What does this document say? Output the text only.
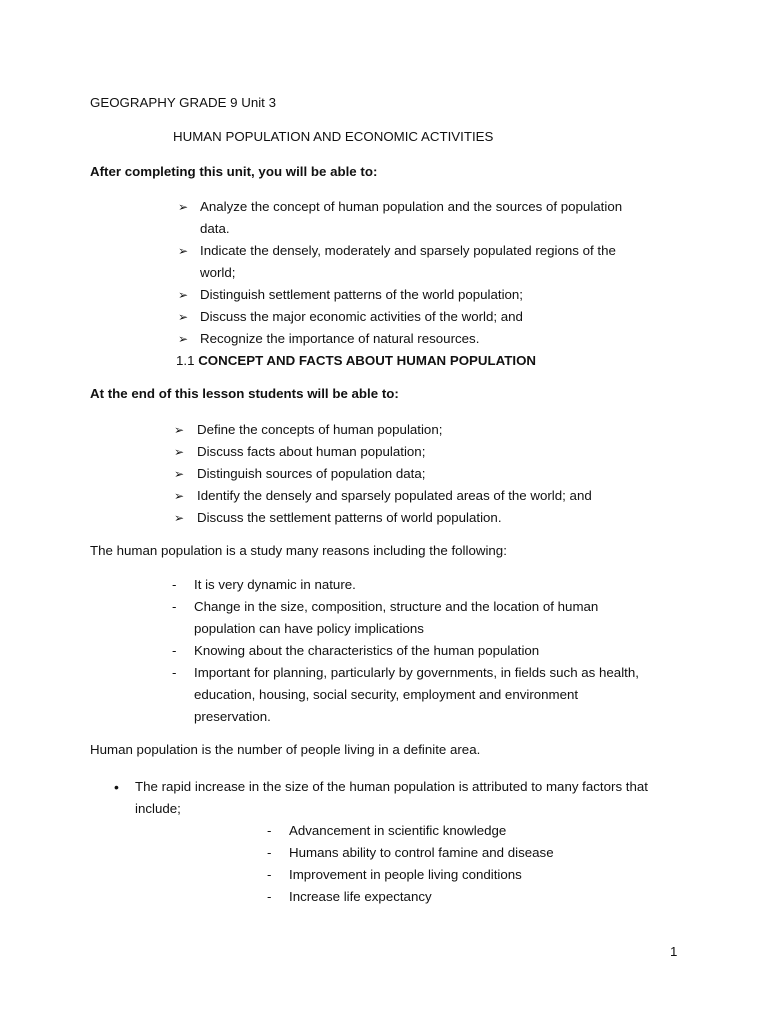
GEOGRAPHY GRADE 9 Unit 3
HUMAN POPULATION AND ECONOMIC ACTIVITIES
After completing this unit, you will be able to:
➢ Analyze the concept of human population and the sources of population
data.
➢ Indicate the densely, moderately and sparsely populated regions of the
world;
➢ Distinguish settlement patterns of the world population;
➢ Discuss the major economic activities of the world; and
➢ Recognize the importance of natural resources.
1.1 CONCEPT AND FACTS ABOUT HUMAN POPULATION
At the end of this lesson students will be able to:
➢ Define the concepts of human population;
➢ Discuss facts about human population;
➢ Distinguish sources of population data;
➢ Identify the densely and sparsely populated areas of the world; and
➢ Discuss the settlement patterns of world population.
The human population is a study many reasons including the following:
- It is very dynamic in nature.
- Change in the size, composition, structure and the location of human
population can have policy implications
- Knowing about the characteristics of the human population
- Important for planning, particularly by governments, in fields such as health,
education, housing, social security, employment and environment
preservation.
Human population is the number of people living in a definite area.
• The rapid increase in the size of the human population is attributed to many factors that
include;
- Advancement in scientific knowledge
- Humans ability to control famine and disease
- Improvement in people living conditions
- Increase life expectancy
1
